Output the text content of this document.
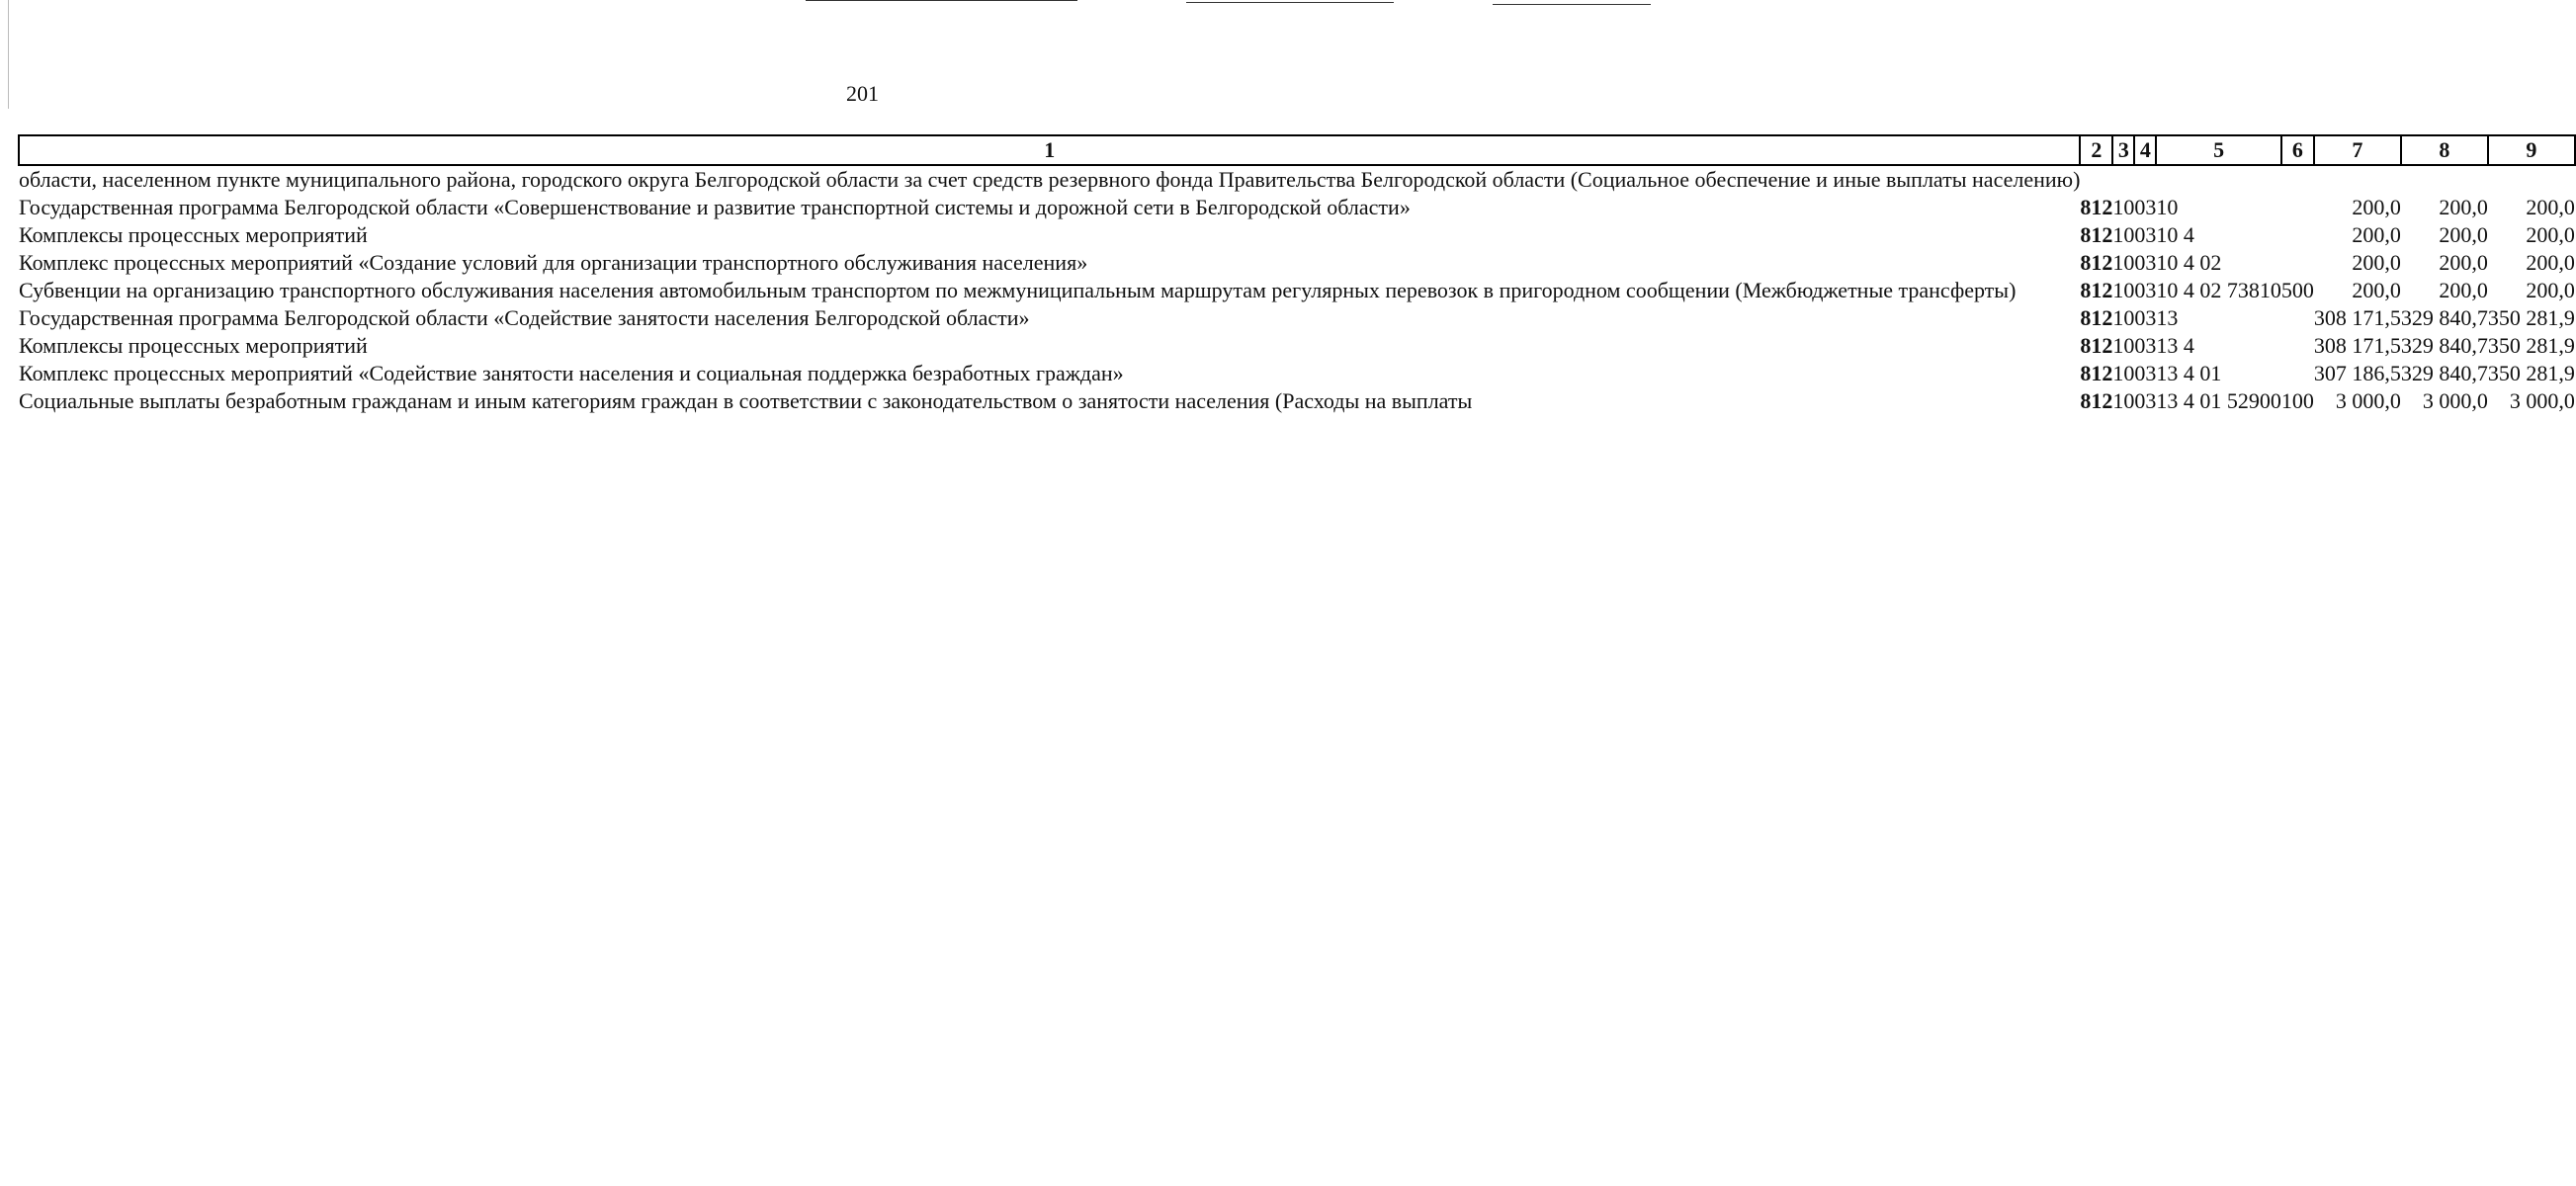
201
1	2	3	4	5	6	7	8	9
области, населенном пункте муниципального района, городского округа Белгородской области за счет средств резервного фонда Правительства Белгородской области (Социальное обеспечение и иные выплаты населению)								
Государственная программа Белгородской области «Совершенствование и развитие транспортной системы и дорожной сети в Белгородской области»	812	10	03	10		200,0	200,0	200,0
Комплексы процессных мероприятий	812	10	03	10 4		200,0	200,0	200,0
Комплекс процессных мероприятий «Создание условий для организации транспортного обслуживания населения»	812	10	03	10 4 02		200,0	200,0	200,0
Субвенции на организацию транспортного обслуживания населения автомобильным транспортом по межмуниципальным маршрутам регулярных перевозок в пригородном сообщении (Межбюджетные трансферты)	812	10	03	10 4 02 73810	500	200,0	200,0	200,0
Государственная программа Белгородской области «Содействие занятости населения Белгородской области»	812	10	03	13		308 171,5	329 840,7	350 281,9
Комплексы процессных мероприятий	812	10	03	13 4		308 171,5	329 840,7	350 281,9
Комплекс процессных мероприятий «Содействие занятости населения и социальная поддержка безработных граждан»	812	10	03	13 4 01		307 186,5	329 840,7	350 281,9
Социальные выплаты безработным гражданам и иным категориям граждан в соответствии с законодательством о занятости населения (Расходы на выплаты	812	10	03	13 4 01 52900	100	3 000,0	3 000,0	3 000,0
